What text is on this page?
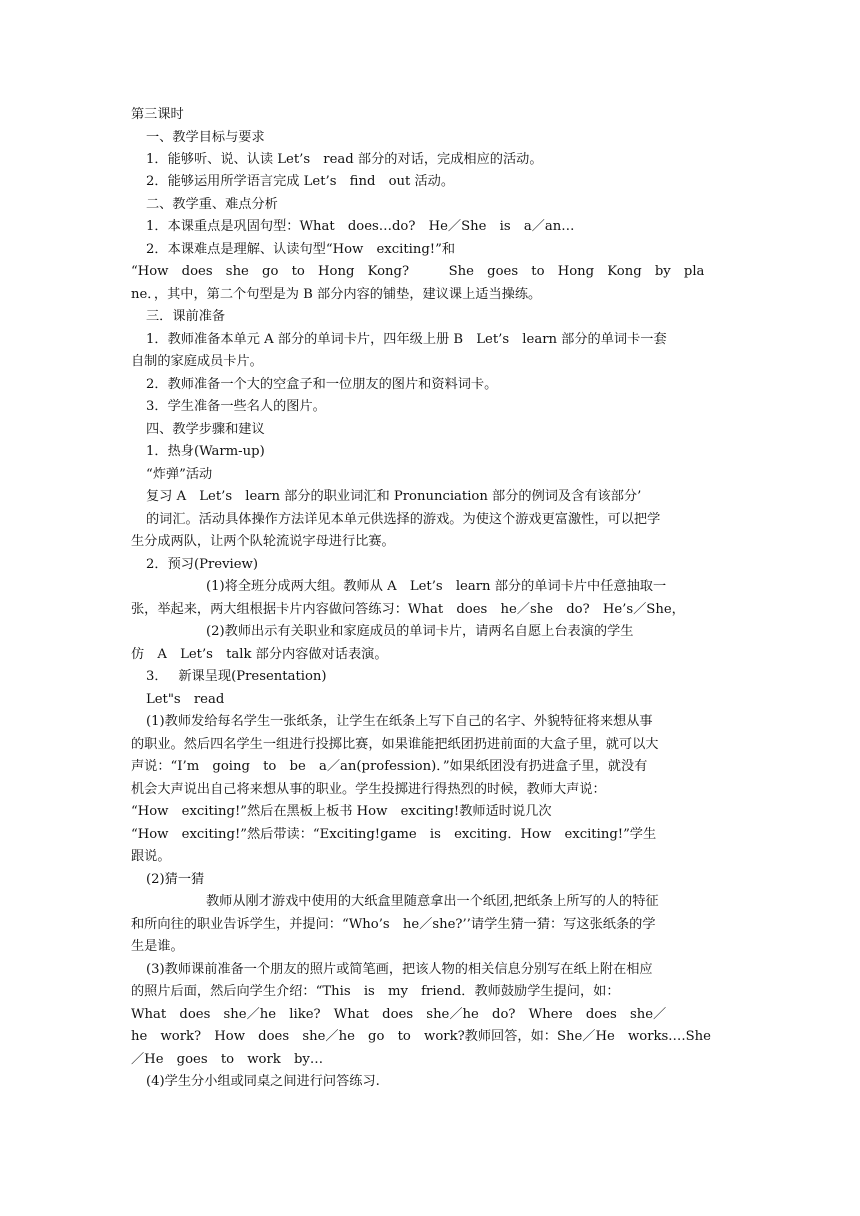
第三课时
一、教学目标与要求
1．能够听、说、认读 Let’s　read 部分的对话，完成相应的活动。
2．能够运用所学语言完成 Let’s　find　out 活动。
二、教学重、难点分析
1．本课重点是巩固句型：What　does…do?　He／She　is　a／an…
2．本课难点是理解、认读句型“How　exciting!”和
“How　does　she　go　to　Hong　Kong?　　　She　goes　to　Hong　Kong　by　pla
ne．，其中，第二个句型是为 B 部分内容的铺垫，建议课上适当操练。
三．课前准备
1．教师准备本单元 A 部分的单词卡片，四年级上册 B　Let’s　learn 部分的单词卡一套
自制的家庭成员卡片。
2．教师准备一个大的空盒子和一位朋友的图片和资料词卡。
3．学生准备一些名人的图片。
四、教学步骤和建议
1．热身(Warm-up)
“炸弹”活动
复习 A　Let’s　learn 部分的职业词汇和 Pronunciation 部分的例词及含有该部分’
的词汇。活动具体操作方法详见本单元供选择的游戏。为使这个游戏更富激性，可以把学
生分成两队，让两个队轮流说字母进行比赛。
2．预习(Preview)
(1)将全班分成两大组。教师从 A　Let’s　learn 部分的单词卡片中任意抽取一
张，举起来，两大组根据卡片内容做问答练习：What　does　he／she　do?　He’s／She，
(2)教师出示有关职业和家庭成员的单词卡片，请两名自愿上台表演的学生
仿　A　Let’s　talk 部分内容做对话表演。
3．　 新课呈现(Presentation)
Let"s　read
(1)教师发给每名学生一张纸条，让学生在纸条上写下自己的名字、外貌特征将来想从事
的职业。然后四名学生一组进行投掷比赛，如果谁能把纸团扔进前面的大盒子里，就可以大
声说：“I’m　going　to　be　a／an(profession)．”如果纸团没有扔进盒子里，就没有
机会大声说出自己将来想从事的职业。学生投掷进行得热烈的时候，教师大声说：
“How　exciting!”然后在黑板上板书 How　exciting!教师适时说几次
“How　exciting!”然后带读：“Exciting!game　is　exciting．How　exciting!”学生
跟说。
(2)猜一猜
教师从刚才游戏中使用的大纸盒里随意拿出一个纸团,把纸条上所写的人的特征
和所向往的职业告诉学生，并提问：“Who’s　he／she?’’请学生猜一猜：写这张纸条的学
生是谁。
(3)教师课前准备一个朋友的照片或简笔画，把该人物的相关信息分别写在纸上附在相应
的照片后面，然后向学生介绍：“This　is　my　friend．教师鼓励学生提问，如：
What　does　she／he　like?　What　does　she／he　do?　Where　does　she／
he　work?　How　does　she／he　go　to　work?教师回答，如：She／He　works.…She
／He　goes　to　work　by…
(4)学生分小组或同桌之间进行问答练习.
